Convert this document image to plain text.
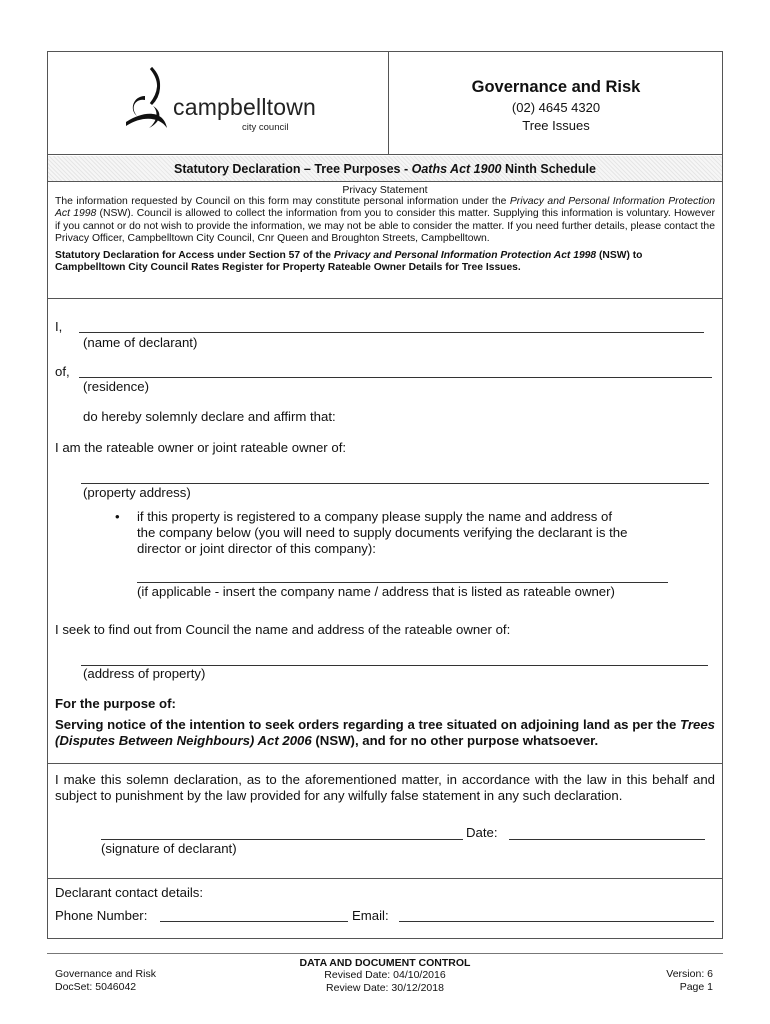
campbelltown
city council
Governance and Risk
(02) 4645 4320
Tree Issues
Statutory Declaration – Tree Purposes - Oaths Act 1900 Ninth Schedule
Privacy Statement
The information requested by Council on this form may constitute personal information under the Privacy and Personal Information Protection Act 1998 (NSW). Council is allowed to collect the information from you to consider this matter. Supplying this information is voluntary. However if you cannot or do not wish to provide the information, we may not be able to consider the matter. If you need further details, please contact the Privacy Officer, Campbelltown City Council, Cnr Queen and Broughton Streets, Campbelltown.
Statutory Declaration for Access under Section 57 of the Privacy and Personal Information Protection Act 1998 (NSW) to Campbelltown City Council Rates Register for Property Rateable Owner Details for Tree Issues.
I,
(name of declarant)
of,
(residence)
do hereby solemnly declare and affirm that:
I am the rateable owner or joint rateable owner of:
(property address)
• if this property is registered to a company please supply the name and address of
the company below (you will need to supply documents verifying the declarant is the
director or joint director of this company):
(if applicable - insert the company name / address that is listed as rateable owner)
I seek to find out from Council the name and address of the rateable owner of:
(address of property)
For the purpose of:
Serving notice of the intention to seek orders regarding a tree situated on adjoining land as per the Trees (Disputes Between Neighbours) Act 2006 (NSW), and for no other purpose whatsoever.
I make this solemn declaration, as to the aforementioned matter, in accordance with the law in this behalf and subject to punishment by the law provided for any wilfully false statement in any such declaration.
Date:
(signature of declarant)
Declarant contact details:
Phone Number:	Email:
Governance and Risk
DocSet: 5046042
DATA AND DOCUMENT CONTROL
Revised Date: 04/10/2016
Review Date: 30/12/2018
Version: 6
Page 1
